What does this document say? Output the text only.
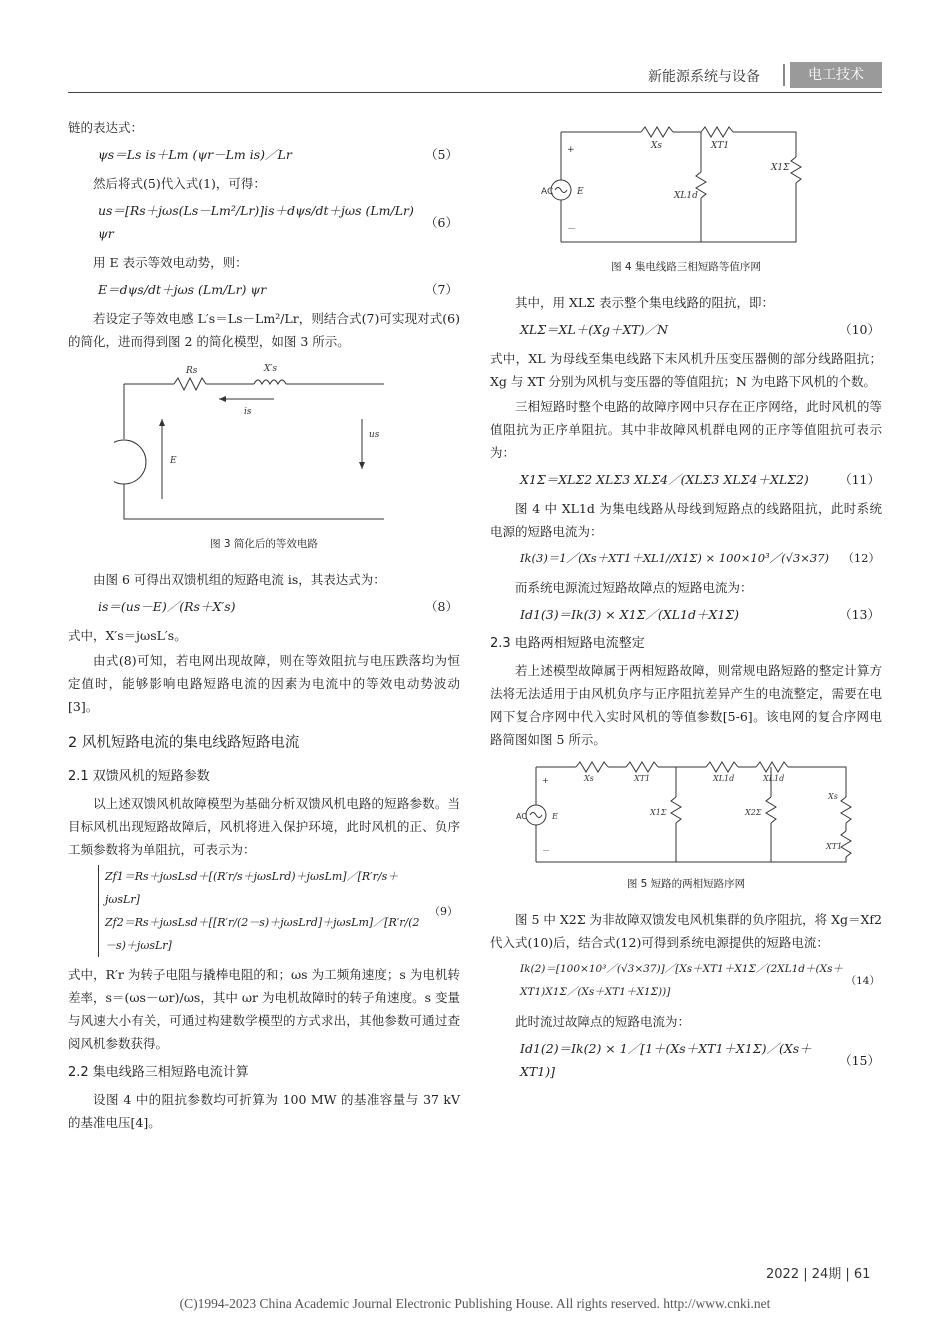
新能源系统与设备	电工技术

链的表达式：

ψs＝Ls is＋Lm (ψr－Lm is)／Lr	（5）

然后将式(5)代入式(1)，可得：

us＝[Rs＋jωs(Ls－Lm²/Lr)]is＋dψs/dt＋jωs (Lm/Lr) ψr
（6）

用 E 表示等效电动势，则：

E＝dψs/dt＋jωs (Lm/Lr) ψr	（7）

若设定子等效电感 L′s＝Ls－Lm²/Lr，则结合式(7)可实现对式(6)的简化，进而得到图 2 的简化模型，如图 3 所示。

Rs	X′s
is
us
E
图 3 简化后的等效电路

由图 6 可得出双馈机组的短路电流 is，其表达式为：

is＝(us－E)／(Rs＋X′s)	（8）

式中，X′s＝jωsL′s。

由式(8)可知，若电网出现故障，则在等效阻抗与电压跌落均为恒定值时，能够影响电路短路电流的因素为电流中的等效电动势波动[3]。

2 风机短路电流的集电线路短路电流
2.1 双馈风机的短路参数

以上述双馈风机故障模型为基础分析双馈风机电路的短路参数。当目标风机出现短路故障后，风机将进入保护环境，此时风机的正、负序工频参数将为单阻抗，可表示为：

Zf1＝Rs＋jωsLsd＋[(R′r/s＋jωsLrd)＋jωsLm]／[R′r/s＋jωsLr]
Zf2＝Rs＋jωsLsd＋[[R′r/(2－s)＋jωsLrd]＋jωsLm]／[R′r/(2－s)＋jωsLr]
（9）

式中，R′r 为转子电阻与撬棒电阻的和；ωs 为工频角速度；s 为电机转差率，s＝(ωs－ωr)/ωs，其中 ωr 为电机故障时的转子角速度。s 变量与风速大小有关，可通过构建数学模型的方式求出，其他参数可通过查阅风机参数获得。

2.2 集电线路三相短路电流计算

设图 4 中的阻抗参数均可折算为 100 MW 的基准容量与 37 kV 的基准电压[4]。

Xs	XT1
XL1d
X1Σ
E
AC
+
－
图 4 集电线路三相短路等值序网

其中，用 XLΣ 表示整个集电线路的阻抗，即：

XLΣ＝XL＋(Xg＋XT)／N	（10）

式中，XL 为母线至集电线路下末风机升压变压器侧的部分线路阻抗；Xg 与 XT 分别为风机与变压器的等值阻抗；N 为电路下风机的个数。

三相短路时整个电路的故障序网中只存在正序网络，此时风机的等值阻抗为正序单阻抗。其中非故障风机群电网的正序等值阻抗可表示为：

X1Σ＝XLΣ2 XLΣ3 XLΣ4／(XLΣ3 XLΣ4＋XLΣ2) （11）

图 4 中 XL1d 为集电线路从母线到短路点的线路阻抗，此时系统电源的短路电流为：

Ik(3)＝1／(Xs＋XT1＋XL1//X1Σ) × 100×10³／(√3×37) （12）

而系统电源流过短路故障点的短路电流为：

Id1(3)＝Ik(3) × X1Σ／(XL1d＋X1Σ)	（13）
2.3 电路两相短路电流整定

若上述模型故障属于两相短路故障，则常规电路短路的整定计算方法将无法适用于由风机负序与正序阻抗差异产生的电流整定，需要在电网下复合序网中代入实时风机的等值参数[5-6]。该电网的复合序网电路简图如图 5 所示。

Xs	XT1	XL1d	XL1d
X1Σ	X2Σ
Xs
XT1
E
AC
+
－
图 5 短路的两相短路序网

图 5 中 X2Σ 为非故障双馈发电风机集群的负序阻抗，将 Xg＝Xf2 代入式(10)后，结合式(12)可得到系统电源提供的短路电流：

Ik(2)＝[100×10³／(√3×37)]／[Xs＋XT1＋X1Σ／(2XL1d＋(Xs＋XT1)X1Σ／(Xs＋XT1＋X1Σ))]
（14）

此时流过故障点的短路电流为：

Id1(2)＝Ik(2) × 1／[1＋(Xs＋XT1＋X1Σ)／(Xs＋XT1)]
（15）
2022 | 24期 | 61
(C)1994-2023 China Academic Journal Electronic Publishing House. All rights reserved. http://www.cnki.net
